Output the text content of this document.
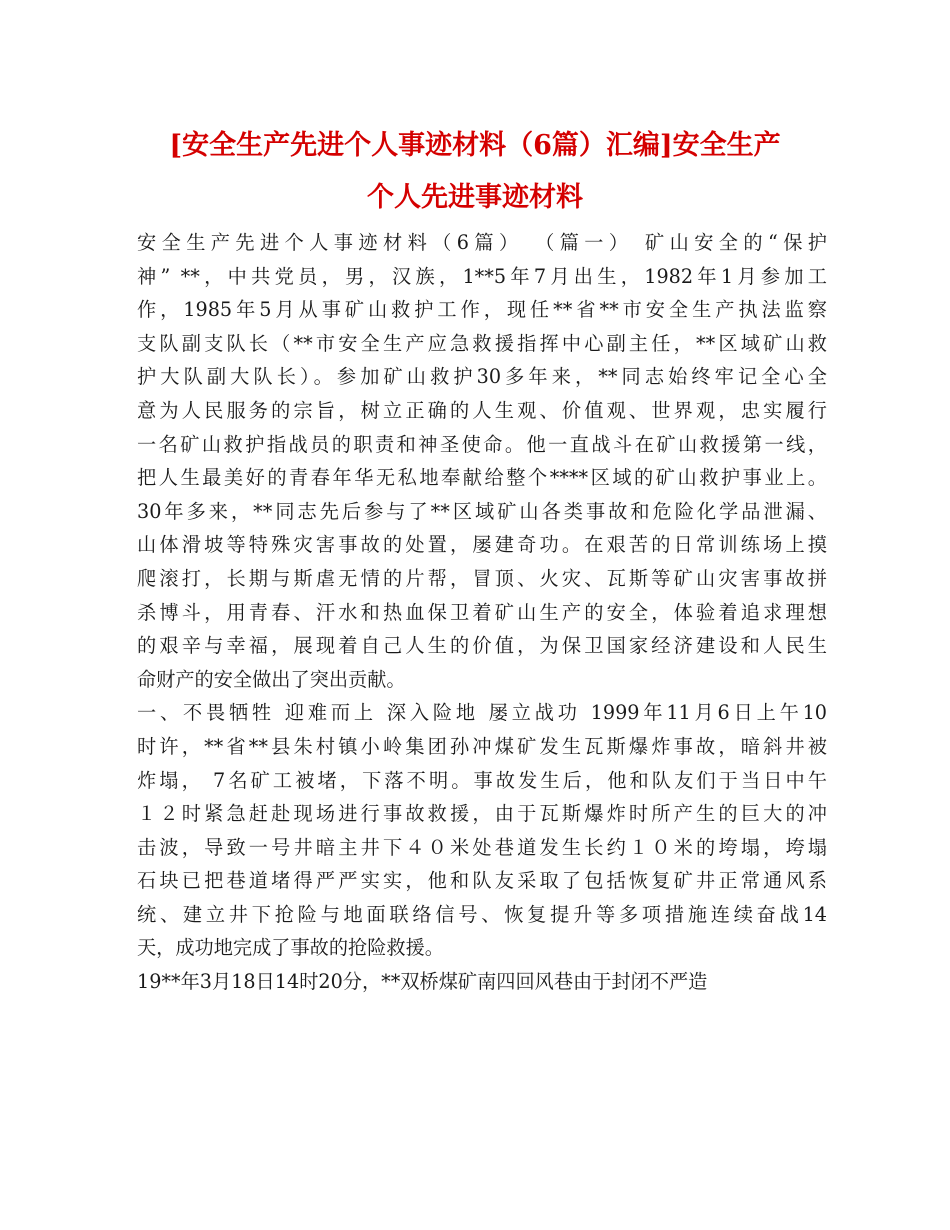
[安全生产先进个人事迹材料（6篇）汇编]安全生产
个人先进事迹材料
安全生产先进个人事迹材料（6篇） （篇一） 矿山安全的“保护
神” **，中共党员，男，汉族，1**5年7月出生，1982年1月参加工
作，1985年5月从事矿山救护工作，现任**省**市安全生产执法监察
支队副支队长（**市安全生产应急救援指挥中心副主任，**区域矿山救
护大队副大队长）。参加矿山救护30多年来，**同志始终牢记全心全
意为人民服务的宗旨，树立正确的人生观、价值观、世界观，忠实履行
一名矿山救护指战员的职责和神圣使命。他一直战斗在矿山救援第一线，
把人生最美好的青春年华无私地奉献给整个****区域的矿山救护事业上。
30年多来，**同志先后参与了**区域矿山各类事故和危险化学品泄漏、
山体滑坡等特殊灾害事故的处置，屡建奇功。在艰苦的日常训练场上摸
爬滚打，长期与斯虐无情的片帮，冒顶、火灾、瓦斯等矿山灾害事故拼
杀博斗，用青春、汗水和热血保卫着矿山生产的安全，体验着追求理想
的艰辛与幸福，展现着自己人生的价值，为保卫国家经济建设和人民生
命财产的安全做出了突出贡献。
一、不畏牺牲 迎难而上 深入险地 屡立战功 1999年11月6日上午10
时许，**省**县朱村镇小岭集团孙冲煤矿发生瓦斯爆炸事故，暗斜井被
炸塌， 7名矿工被堵，下落不明。事故发生后，他和队友们于当日中午
１２时紧急赶赴现场进行事故救援，由于瓦斯爆炸时所产生的巨大的冲
击波，导致一号井暗主井下４０米处巷道发生长约１０米的垮塌，垮塌
石块已把巷道堵得严严实实，他和队友采取了包括恢复矿井正常通风系
统、建立井下抢险与地面联络信号、恢复提升等多项措施连续奋战14
天，成功地完成了事故的抢险救援。
19**年3月18日14时20分，**双桥煤矿南四回风巷由于封闭不严造
